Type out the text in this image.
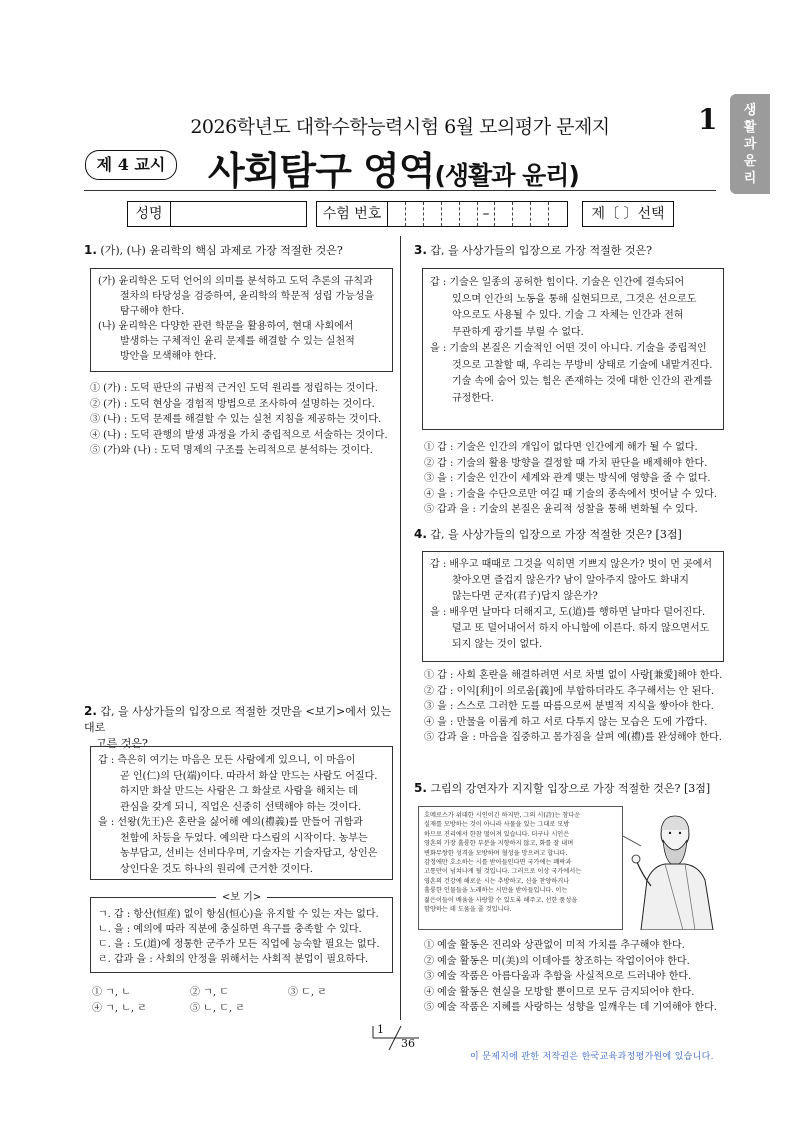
2026학년도 대학수학능력시험 6월 모의평가 문제지	1 생
활
과
윤
리
제 4 교시	사회탐구 영역(생활과 윤리)
성명	수험 번호	–	제〔 〕선택
1. (가), (나) 윤리학의 핵심 과제로 가장 적절한 것은?
(가) 윤리학은 도덕 언어의 의미를 분석하고 도덕 추론의 규칙과
절차의 타당성을 검증하여, 윤리학의 학문적 성립 가능성을
탐구해야 한다.
(나) 윤리학은 다양한 관련 학문을 활용하여, 현대 사회에서
발생하는 구체적인 윤리 문제를 해결할 수 있는 실천적
방안을 모색해야 한다.
① (가) : 도덕 판단의 규범적 근거인 도덕 원리를 정립하는 것이다.
② (가) : 도덕 현상을 경험적 방법으로 조사하여 설명하는 것이다.
③ (나) : 도덕 문제를 해결할 수 있는 실천 지침을 제공하는 것이다.
④ (나) : 도덕 관행의 발생 과정을 가치 중립적으로 서술하는 것이다.
⑤ (가)와 (나) : 도덕 명제의 구조를 논리적으로 분석하는 것이다.
2. 갑, 을 사상가들의 입장으로 적절한 것만을 <보기>에서 있는 대로
고른 것은?
갑 : 측은히 여기는 마음은 모든 사람에게 있으니, 이 마음이
곧 인(仁)의 단(端)이다. 따라서 화살 만드는 사람도 어질다.
하지만 화살 만드는 사람은 그 화살로 사람을 해치는 데
관심을 갖게 되니, 직업은 신중히 선택해야 하는 것이다.
을 : 선왕(先王)은 혼란을 싫어해 예의(禮義)를 만들어 귀함과
천함에 차등을 두었다. 예의란 다스림의 시작이다. 농부는
농부답고, 선비는 선비다우며, 기술자는 기술자답고, 상인은
상인다운 것도 하나의 원리에 근거한 것이다.
<보 기>
ㄱ. 갑 : 항산(恒産) 없이 항심(恒心)을 유지할 수 있는 자는 없다.
ㄴ. 을 : 예의에 따라 직분에 충실하면 욕구를 충족할 수 있다.
ㄷ. 을 : 도(道)에 정통한 군주가 모든 직업에 능숙할 필요는 없다.
ㄹ. 갑과 을 : 사회의 안정을 위해서는 사회적 분업이 필요하다.
① ㄱ, ㄴ	② ㄱ, ㄷ	③ ㄷ, ㄹ
④ ㄱ, ㄴ, ㄹ	⑤ ㄴ, ㄷ, ㄹ
3. 갑, 을 사상가들의 입장으로 가장 적절한 것은?
갑 : 기술은 일종의 공허한 힘이다. 기술은 인간에 결속되어
있으며 인간의 노동을 통해 실현되므로, 그것은 선으로도
악으로도 사용될 수 있다. 기술 그 자체는 인간과 전혀
무관하게 광기를 부릴 수 없다.
을 : 기술의 본질은 기술적인 어떤 것이 아니다. 기술을 중립적인
것으로 고찰할 때, 우리는 무방비 상태로 기술에 내맡겨진다.
기술 속에 숨어 있는 힘은 존재하는 것에 대한 인간의 관계를
규정한다.
① 갑 : 기술은 인간의 개입이 없다면 인간에게 해가 될 수 없다.
② 갑 : 기술의 활용 방향을 결정할 때 가치 판단을 배제해야 한다.
③ 을 : 기술은 인간이 세계와 관계 맺는 방식에 영향을 줄 수 없다.
④ 을 : 기술을 수단으로만 여길 때 기술의 종속에서 벗어날 수 있다.
⑤ 갑과 을 : 기술의 본질은 윤리적 성찰을 통해 변화될 수 있다.
4. 갑, 을 사상가들의 입장으로 가장 적절한 것은? [3점]
갑 : 배우고 때때로 그것을 익히면 기쁘지 않은가? 벗이 먼 곳에서
찾아오면 즐겁지 않은가? 남이 알아주지 않아도 화내지
않는다면 군자(君子)답지 않은가?
을 : 배우면 날마다 더해지고, 도(道)를 행하면 날마다 덜어진다.
덜고 또 덜어내어서 하지 아니함에 이른다. 하지 않으면서도
되지 않는 것이 없다.
① 갑 : 사회 혼란을 해결하려면 서로 차별 없이 사랑[兼愛]해야 한다.
② 갑 : 이익[利]이 의로움[義]에 부합하더라도 추구해서는 안 된다.
③ 을 : 스스로 그러한 도를 따름으로써 분별적 지식을 쌓아야 한다.
④ 을 : 만물을 이롭게 하고 서로 다투지 않는 모습은 도에 가깝다.
⑤ 갑과 을 : 마음을 집중하고 몸가짐을 살펴 예(禮)를 완성해야 한다.
5. 그림의 강연자가 지지할 입장으로 가장 적절한 것은? [3점]
호메로스가 위대한 시인이긴 하지만, 그의 시(詩)는 참다운
실재를 모방하는 것이 아니라 사물을 있는 그대로 모방
하므로 진리에서 한참 떨어져 있습니다. 더구나 시인은
영혼의 가장 훌륭한 부분을 지향하지 않고, 화를 잘 내며
변화무쌍한 성격을 모방하며 혈성을 망으려고 합니다.
감정에만 호소하는 시를 받아들인다면 국가에는 쾌락과
고통만이 넘쳐나게 될 것입니다. 그러므로 이상 국가에서는
영혼의 건강에 해로운 시는 추방하고, 신을 찬양하거나
훌륭한 인물들을 노래하는 시만을 받아들입니다. 이는
젊은이들이 배움을 사랑할 수 있도록 해주고, 선한 품성을
함양하는 데 도움을 줄 것입니다.
① 예술 활동은 진리와 상관없이 미적 가치를 추구해야 한다.
② 예술 활동은 미(美)의 이데아를 창조하는 작업이어야 한다.
③ 예술 작품은 아름다움과 추함을 사실적으로 드러내야 한다.
④ 예술 활동은 현실을 모방할 뿐이므로 모두 금지되어야 한다.
⑤ 예술 작품은 지혜를 사랑하는 성향을 일깨우는 데 기여해야 한다.
1
36
이 문제지에 관한 저작권은 한국교육과정평가원에 있습니다.
